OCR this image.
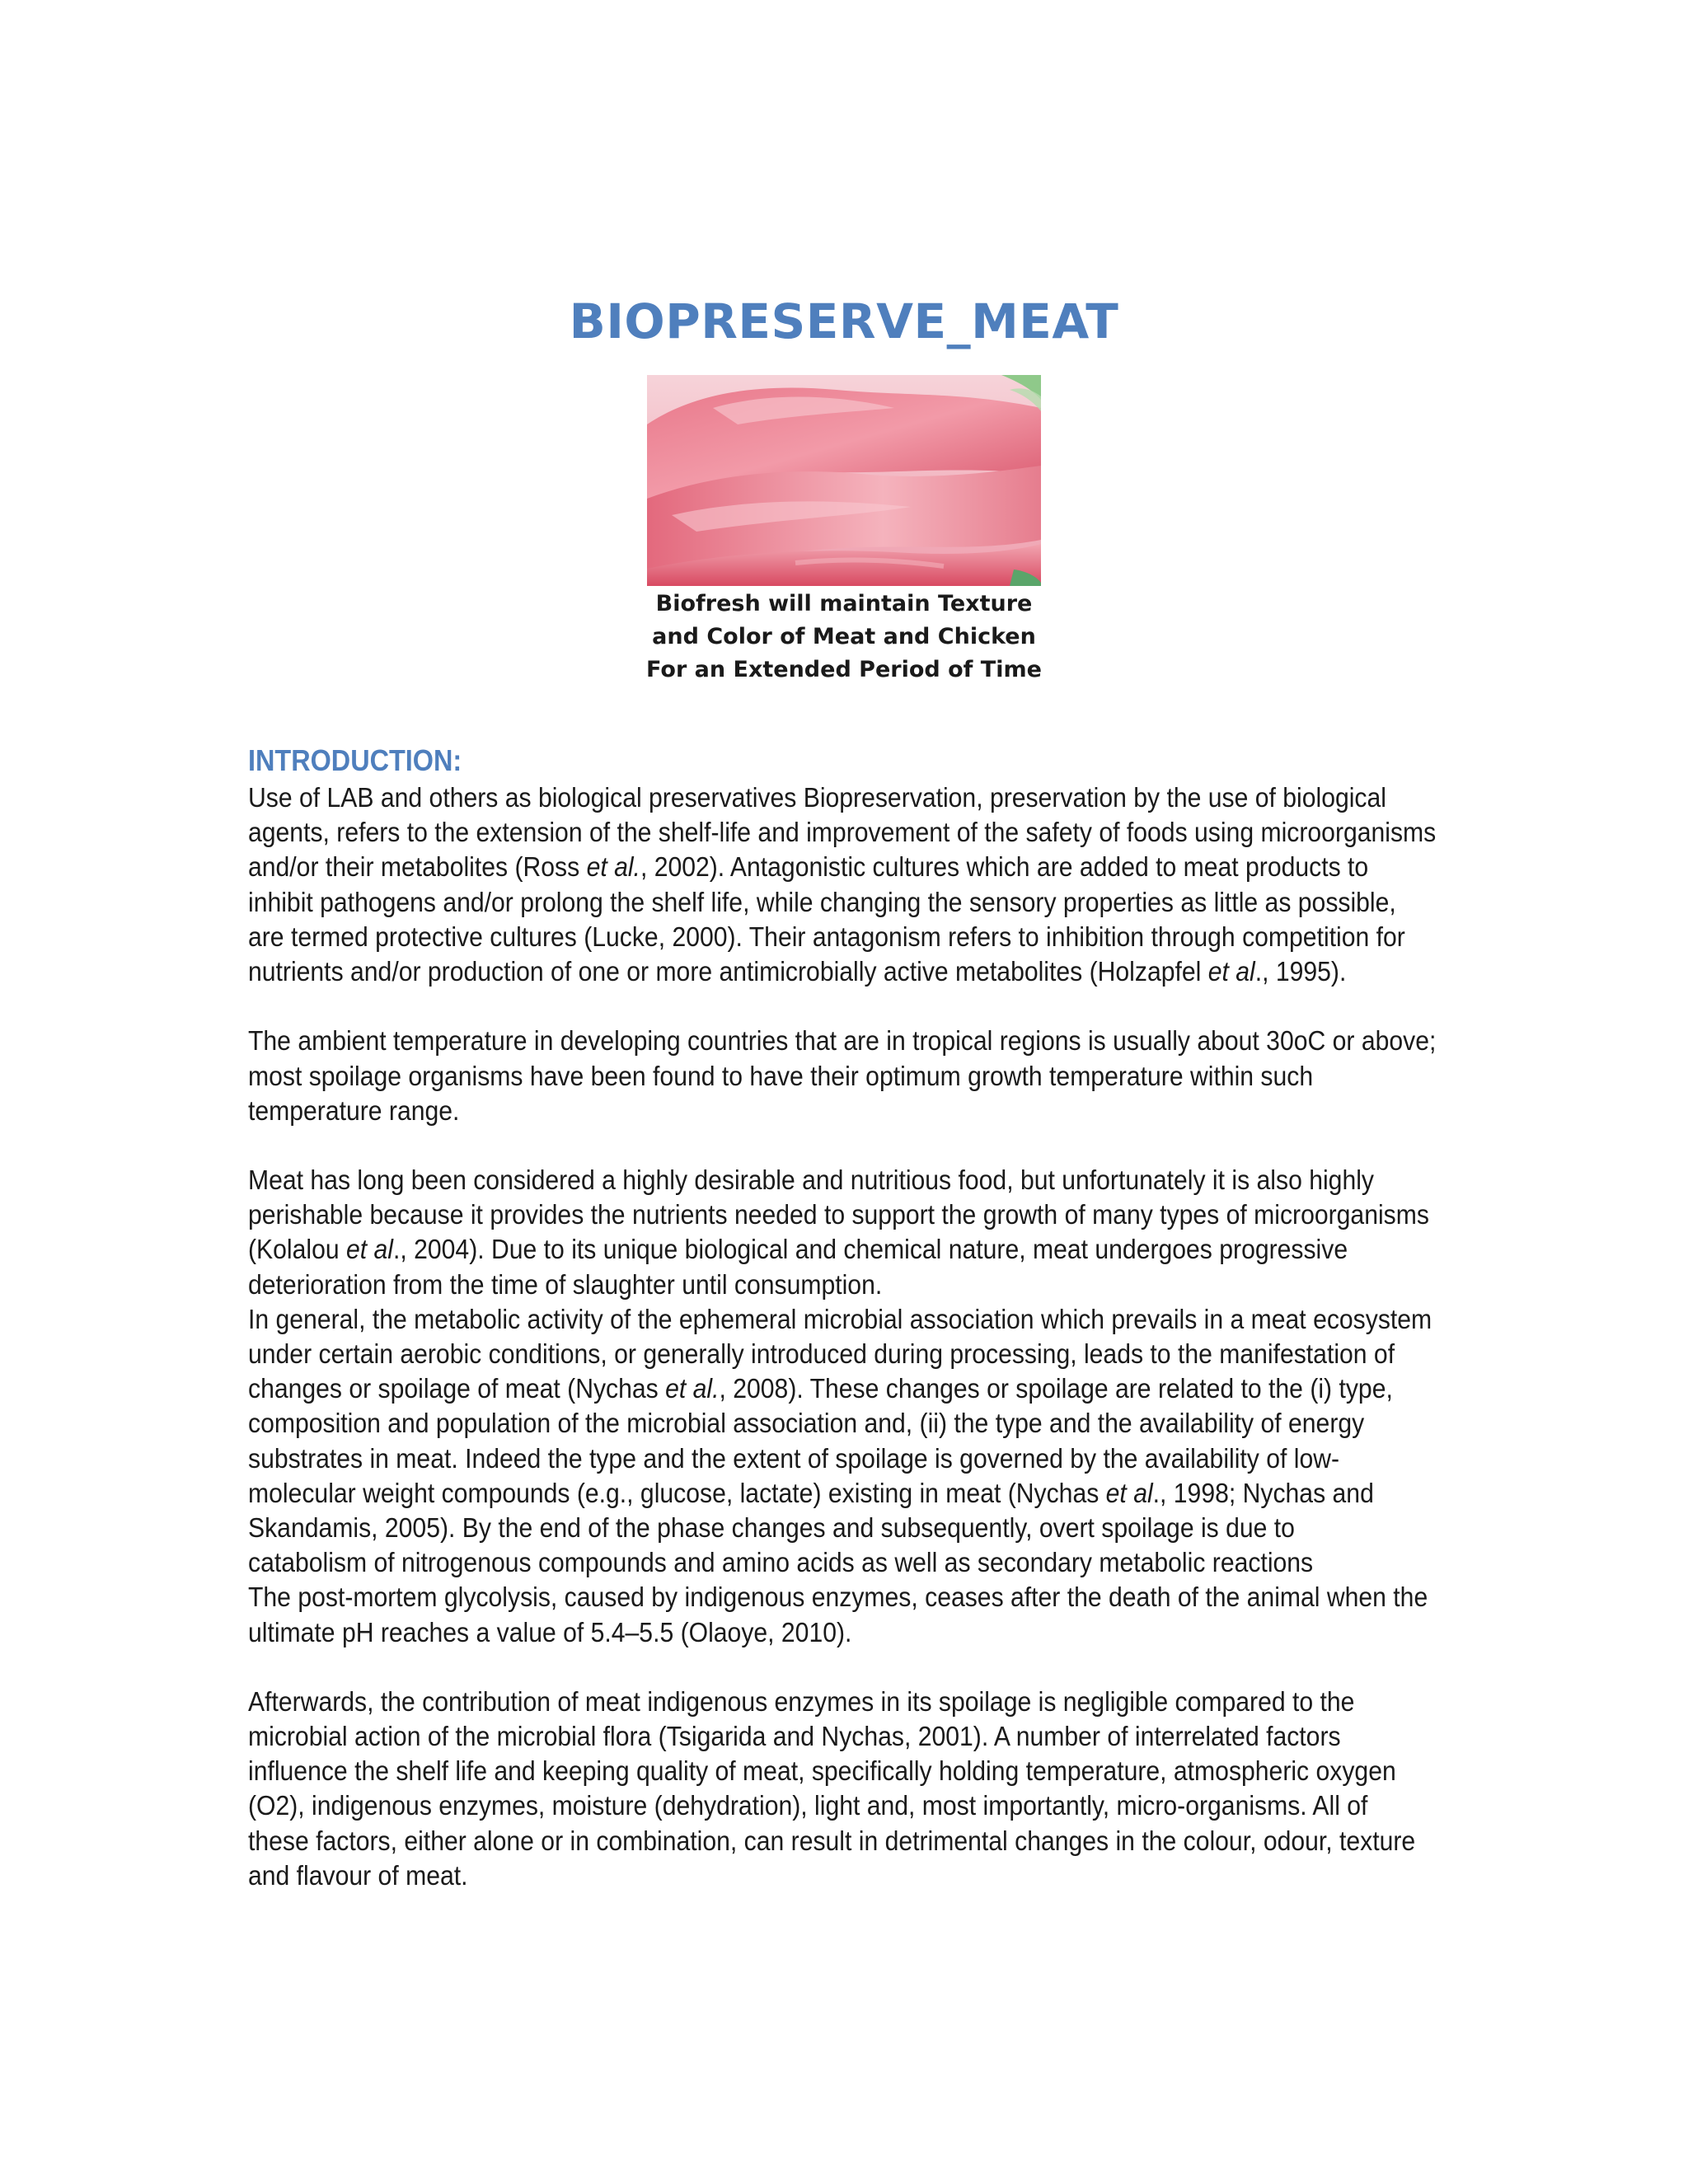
BIOPRESERVE_MEAT
Biofresh will maintain Texture
and Color of Meat and Chicken
For an Extended Period of Time
INTRODUCTION:
Use of LAB and others as biological preservatives Biopreservation, preservation by the use of biological
agents, refers to the extension of the shelf-life and improvement of the safety of foods using microorganisms
and/or their metabolites (Ross et al., 2002). Antagonistic cultures which are added to meat products to
inhibit pathogens and/or prolong the shelf life, while changing the sensory properties as little as possible,
are termed protective cultures (Lucke, 2000). Their antagonism refers to inhibition through competition for
nutrients and/or production of one or more antimicrobially active metabolites (Holzapfel et al., 1995).
The ambient temperature in developing countries that are in tropical regions is usually about 30oC or above;
most spoilage organisms have been found to have their optimum growth temperature within such
temperature range.
Meat has long been considered a highly desirable and nutritious food, but unfortunately it is also highly
perishable because it provides the nutrients needed to support the growth of many types of microorganisms
(Kolalou et al., 2004). Due to its unique biological and chemical nature, meat undergoes progressive
deterioration from the time of slaughter until consumption.
In general, the metabolic activity of the ephemeral microbial association which prevails in a meat ecosystem
under certain aerobic conditions, or generally introduced during processing, leads to the manifestation of
changes or spoilage of meat (Nychas et al., 2008). These changes or spoilage are related to the (i) type,
composition and population of the microbial association and, (ii) the type and the availability of energy
substrates in meat. Indeed the type and the extent of spoilage is governed by the availability of low-
molecular weight compounds (e.g., glucose, lactate) existing in meat (Nychas et al., 1998; Nychas and
Skandamis, 2005). By the end of the phase changes and subsequently, overt spoilage is due to
catabolism of nitrogenous compounds and amino acids as well as secondary metabolic reactions
The post-mortem glycolysis, caused by indigenous enzymes, ceases after the death of the animal when the
ultimate pH reaches a value of 5.4–5.5 (Olaoye, 2010).
Afterwards, the contribution of meat indigenous enzymes in its spoilage is negligible compared to the
microbial action of the microbial flora (Tsigarida and Nychas, 2001). A number of interrelated factors
influence the shelf life and keeping quality of meat, specifically holding temperature, atmospheric oxygen
(O2), indigenous enzymes, moisture (dehydration), light and, most importantly, micro-organisms. All of
these factors, either alone or in combination, can result in detrimental changes in the colour, odour, texture
and flavour of meat.
